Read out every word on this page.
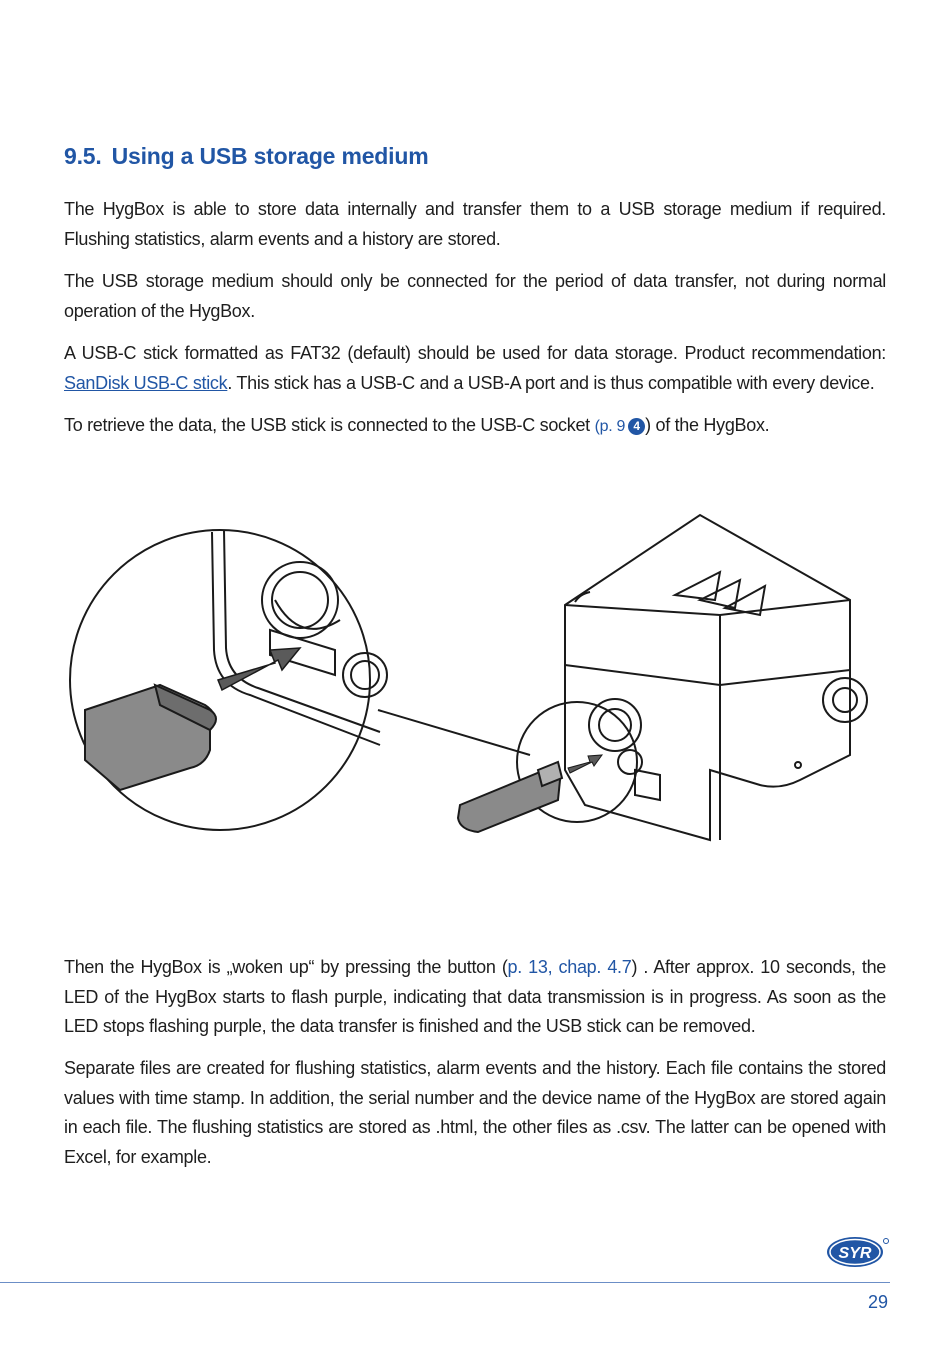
9.5. Using a USB storage medium

The HygBox is able to store data internally and transfer them to a USB storage medium if required. Flushing statistics, alarm events and a history are stored.

The USB storage medium should only be connected for the period of data transfer, not during normal operation of the HygBox.

A USB-C stick formatted as FAT32 (default) should be used for data storage. Product recommendation: SanDisk USB-C stick. This stick has a USB-C and a USB-A port and is thus compatible with every device.

To retrieve the data, the USB stick is connected to the USB-C socket (p. 9 4 ) of the HygBox.

Then the HygBox is „woken up“ by pressing the button (p. 13, chap. 4.7) . After approx. 10 seconds, the LED of the HygBox starts to flash purple, indicating that data transmission is in progress. As soon as the LED stops flashing purple, the data transfer is finished and the USB stick can be removed.

Separate files are created for flushing statistics, alarm events and the history. Each file contains the stored values with time stamp. In addition, the serial number and the device name of the HygBox are stored again in each file. The flushing statistics are stored as .html, the other files as .csv. The latter can be opened with Excel, for example.

SYR
29
